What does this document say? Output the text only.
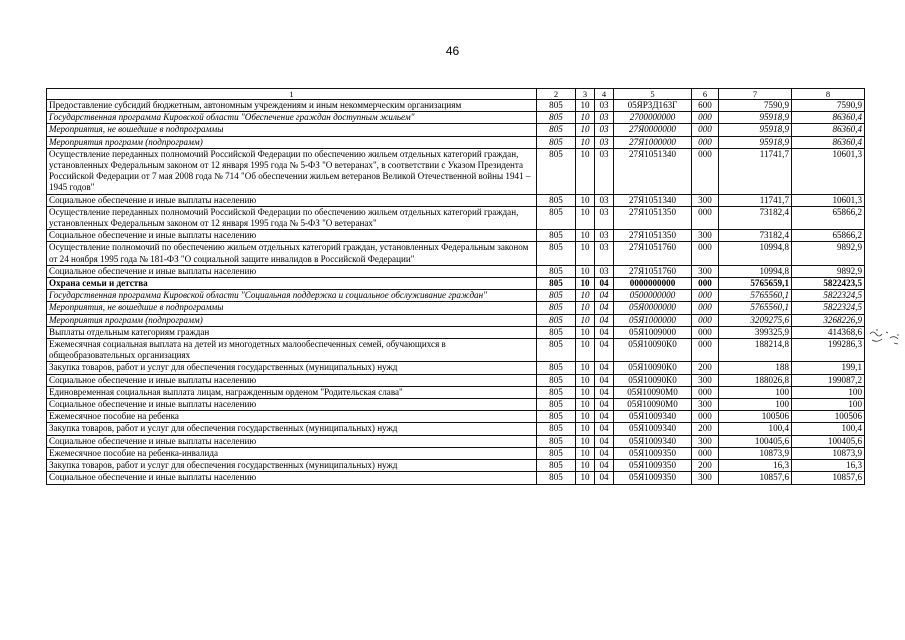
46
1	2	3	4	5	6	7	8
Предоставление субсидий бюджетным, автономным учреждениям и иным некоммерческим организациям	805	10	03	05ЯР3Д163Г	600	7590,9	7590,9
Государственная программа Кировской области "Обеспечение граждан доступным жильем"	805	10	03	2700000000	000	95918,9	86360,4
Мероприятия, не вошедшие в подпрограммы	805	10	03	27Я0000000	000	95918,9	86360,4
Мероприятия программ (подпрограмм)	805	10	03	27Я1000000	000	95918,9	86360,4
Осуществление переданных полномочий Российской Федерации по обеспечению жильем отдельных категорий граждан, установленных Федеральным законом от 12 января 1995 года № 5-ФЗ "О ветеранах", в соответствии с Указом Президента Российской Федерации от 7 мая 2008 года № 714 "Об обеспечении жильем ветеранов Великой Отечественной войны 1941 – 1945 годов"	805	10	03	27Я1051340	000	11741,7	10601,3
Социальное обеспечение и иные выплаты населению	805	10	03	27Я1051340	300	11741,7	10601,3
Осуществление переданных полномочий Российской Федерации по обеспечению жильем отдельных категорий граждан, установленных Федеральным законом от 12 января 1995 года № 5-ФЗ "О ветеранах"	805	10	03	27Я1051350	000	73182,4	65866,2
Социальное обеспечение и иные выплаты населению	805	10	03	27Я1051350	300	73182,4	65866,2
Осуществление полномочий по обеспечению жильем отдельных категорий граждан, установленных Федеральным законом от 24 ноября 1995 года № 181-ФЗ "О социальной защите инвалидов в Российской Федерации"	805	10	03	27Я1051760	000	10994,8	9892,9
Социальное обеспечение и иные выплаты населению	805	10	03	27Я1051760	300	10994,8	9892,9
Охрана семьи и детства	805	10	04	0000000000	000	5765659,1	5822423,5
Государственная программа Кировской области "Социальная поддержка и социальное обслуживание граждан"	805	10	04	0500000000	000	5765560,1	5822324,5
Мероприятия, не вошедшие в подпрограммы	805	10	04	05Я0000000	000	5765560,1	5822324,5
Мероприятия программ (подпрограмм)	805	10	04	05Я1000000	000	3209275,6	3268226,9
Выплаты отдельным категориям граждан	805	10	04	05Я1009000	000	399325,9	414368,6
Ежемесячная социальная выплата на детей из многодетных малообеспеченных семей, обучающихся в общеобразовательных организациях	805	10	04	05Я10090К0	000	188214,8	199286,3
Закупка товаров, работ и услуг для обеспечения государственных (муниципальных) нужд	805	10	04	05Я10090К0	200	188	199,1
Социальное обеспечение и иные выплаты населению	805	10	04	05Я10090К0	300	188026,8	199087,2
Единовременная социальная выплата лицам, награжденным орденом "Родительская слава"	805	10	04	05Я10090М0	000	100	100
Социальное обеспечение и иные выплаты населению	805	10	04	05Я10090М0	300	100	100
Ежемесячное пособие на ребенка	805	10	04	05Я1009340	000	100506	100506
Закупка товаров, работ и услуг для обеспечения государственных (муниципальных) нужд	805	10	04	05Я1009340	200	100,4	100,4
Социальное обеспечение и иные выплаты населению	805	10	04	05Я1009340	300	100405,6	100405,6
Ежемесячное пособие на ребенка-инвалида	805	10	04	05Я1009350	000	10873,9	10873,9
Закупка товаров, работ и услуг для обеспечения государственных (муниципальных) нужд	805	10	04	05Я1009350	200	16,3	16,3
Социальное обеспечение и иные выплаты населению	805	10	04	05Я1009350	300	10857,6	10857,6
